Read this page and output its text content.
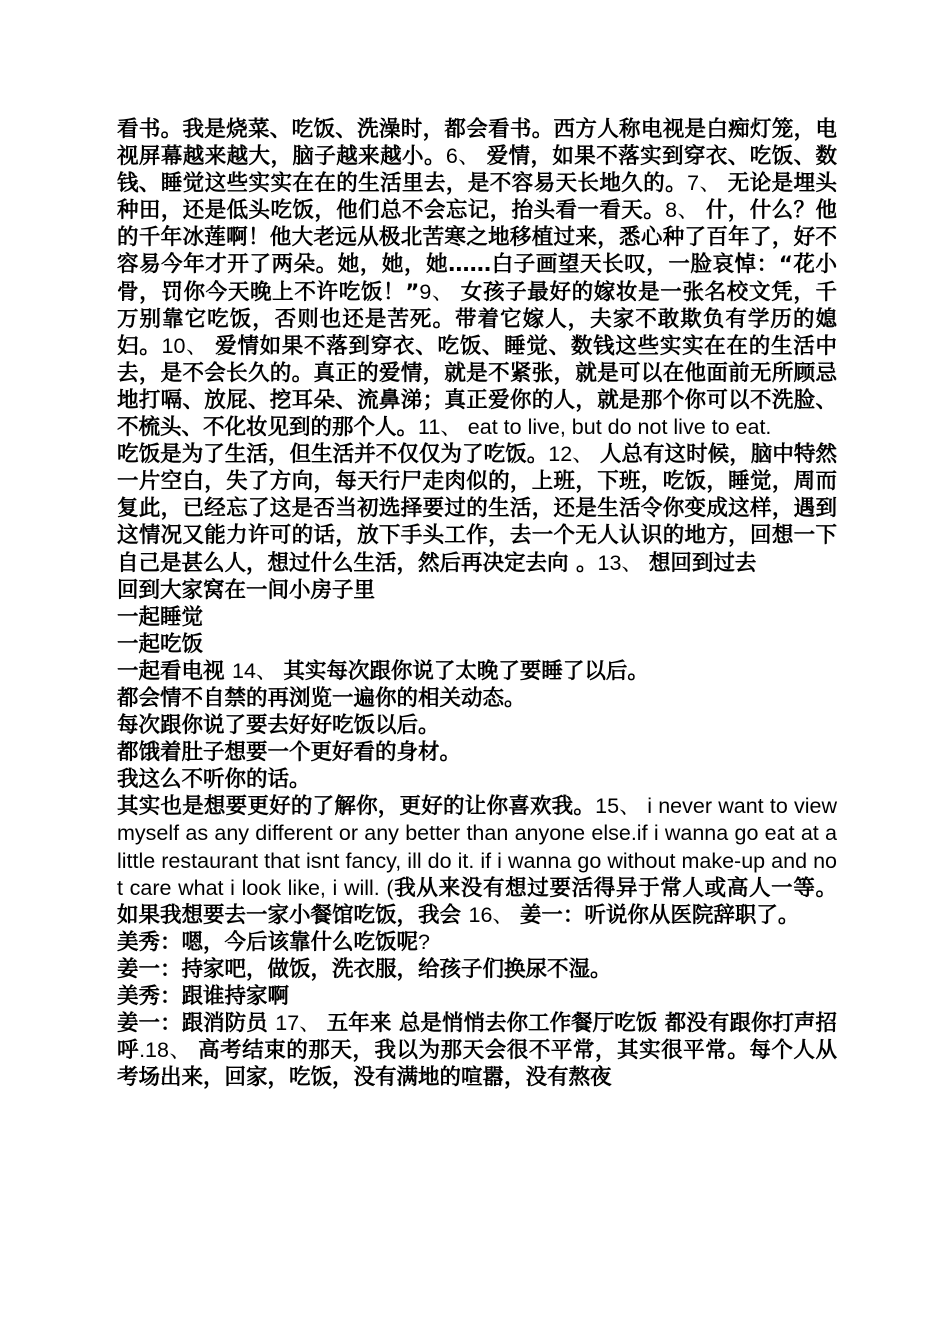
看书。我是烧菜、吃饭、洗澡时，都会看书。西方人称电视是白痴灯笼，电视屏幕越来越大，脑子越来越小。6、 爱情，如果不落实到穿衣、吃饭、数钱、睡觉这些实实在在的生活里去，是不容易天长地久的。7、 无论是埋头种田，还是低头吃饭，他们总不会忘记，抬头看一看天。8、 什，什么？他的千年冰莲啊！他大老远从极北苦寒之地移植过来，悉心种了百年了，好不容易今年才开了两朵。她，她，她……白子画望天长叹，一脸哀悼：“花小骨，罚你今天晚上不许吃饭！”9、 女孩子最好的嫁妆是一张名校文凭，千万别靠它吃饭，否则也还是苦死。带着它嫁人，夫家不敢欺负有学历的媳妇。10、 爱情如果不落到穿衣、吃饭、睡觉、数钱这些实实在在的生活中去，是不会长久的。真正的爱情，就是不紧张，就是可以在他面前无所顾忌地打嗝、放屁、挖耳朵、流鼻涕；真正爱你的人，就是那个你可以不洗脸、不梳头、不化妆见到的那个人。11、 eat to live, but do not live to eat.

吃饭是为了生活，但生活并不仅仅为了吃饭。12、 人总有这时候，脑中特然一片空白，失了方向，每天行尸走肉似的，上班，下班，吃饭，睡觉，周而复此，已经忘了这是否当初选择要过的生活，还是生活令你变成这样，遇到这情况又能力许可的话，放下手头工作，去一个无人认识的地方，回想一下自己是甚么人，想过什么生活，然后再决定去向 。13、 想回到过去

回到大家窝在一间小房子里

一起睡觉

一起吃饭

一起看电视 14、 其实每次跟你说了太晚了要睡了以后。

都会情不自禁的再浏览一遍你的相关动态。

每次跟你说了要去好好吃饭以后。

都饿着肚子想要一个更好看的身材。

我这么不听你的话。

其实也是想要更好的了解你，更好的让你喜欢我。15、 i never want to view myself as any different or any better than anyone else.if i wanna go eat at a little restaurant that isnt fancy, ill do it. if i wanna go without make-up and not care what i look like, i will. (我从来没有想过要活得异于常人或高人一等。如果我想要去一家小餐馆吃饭，我会 16、 姜一：听说你从医院辞职了。

美秀：嗯，今后该靠什么吃饭呢?

姜一：持家吧，做饭，洗衣服，给孩子们换尿不湿。

美秀：跟谁持家啊

姜一：跟消防员 17、 五年来 总是悄悄去你工作餐厅吃饭 都没有跟你打声招呼.18、 高考结束的那天，我以为那天会很不平常，其实很平常。每个人从考场出来，回家，吃饭，没有满地的喧嚣，没有熬夜
